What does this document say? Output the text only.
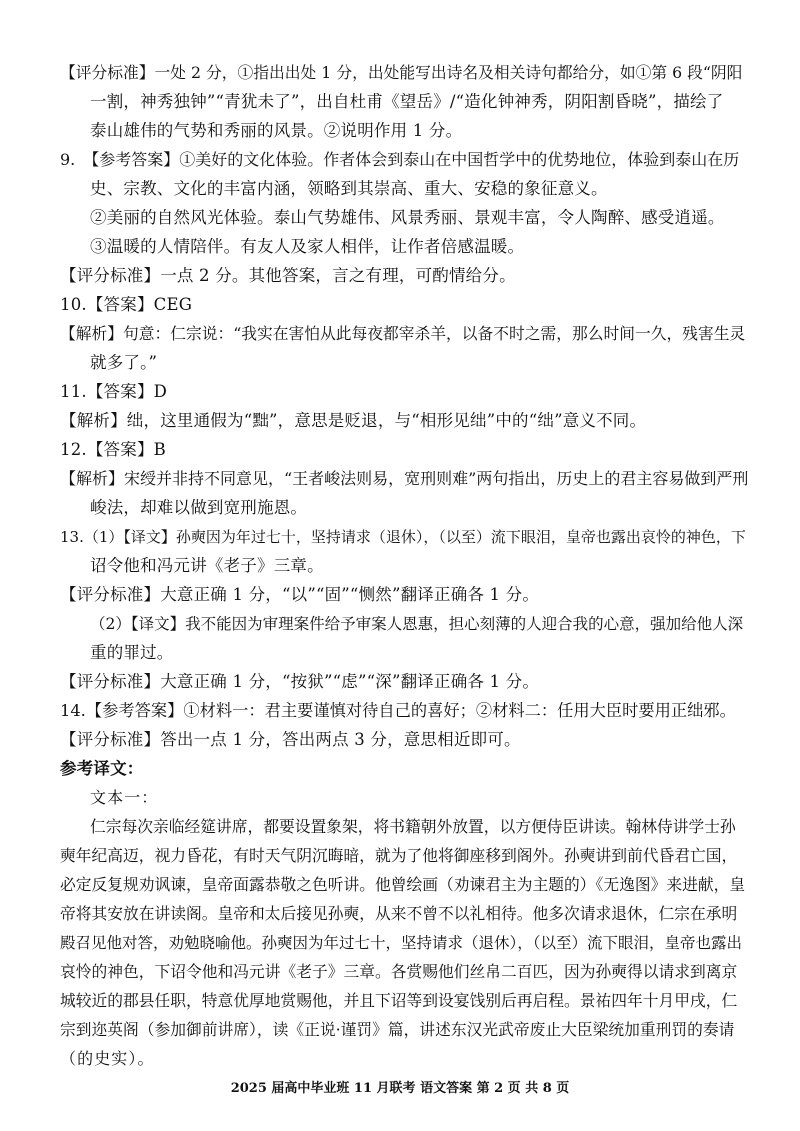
【评分标准】一处 2 分，①指出出处 1 分，出处能写出诗名及相关诗句都给分，如①第 6 段“阴阳
一割，神秀独钟”“青犹未了”，出自杜甫《望岳》/“造化钟神秀，阴阳割昏晓”，描绘了
泰山雄伟的气势和秀丽的风景。②说明作用 1 分。
9.　【参考答案】①美好的文化体验。作者体会到泰山在中国哲学中的优势地位，体验到泰山在历
史、宗教、文化的丰富内涵，领略到其崇高、重大、安稳的象征意义。
②美丽的自然风光体验。泰山气势雄伟、风景秀丽、景观丰富，令人陶醉、感受逍遥。
③温暖的人情陪伴。有友人及家人相伴，让作者倍感温暖。
【评分标准】一点 2 分。其他答案，言之有理，可酌情给分。
10.【答案】CEG
【解析】句意：仁宗说：“我实在害怕从此每夜都宰杀羊，以备不时之需，那么时间一久，残害生灵
就多了。”
11.【答案】D
【解析】绌，这里通假为“黜”，意思是贬退，与“相形见绌”中的“绌”意义不同。
12.【答案】B
【解析】宋绶并非持不同意见，“王者峻法则易，宽刑则难”两句指出，历史上的君主容易做到严刑
峻法，却难以做到宽刑施恩。
13.（1）【译文】孙奭因为年过七十，坚持请求（退休），（以至）流下眼泪，皇帝也露出哀怜的神色，下
诏令他和冯元讲《老子》三章。
【评分标准】大意正确 1 分，“以”“固”“恻然”翻译正确各 1 分。
（2）【译文】我不能因为审理案件给予审案人恩惠，担心刻薄的人迎合我的心意，强加给他人深
重的罪过。
【评分标准】大意正确 1 分，“按狱”“虑”“深”翻译正确各 1 分。
14.【参考答案】①材料一：君主要谨慎对待自己的喜好；②材料二：任用大臣时要用正绌邪。
【评分标准】答出一点 1 分，答出两点 3 分，意思相近即可。
参考译文：
文本一：
仁宗每次亲临经筵讲席，都要设置象架，将书籍朝外放置，以方便侍臣讲读。翰林侍讲学士孙
奭年纪高迈，视力昏花，有时天气阴沉晦暗，就为了他将御座移到阁外。孙奭讲到前代昏君亡国，
必定反复规劝讽谏，皇帝面露恭敬之色听讲。他曾绘画（劝谏君主为主题的）《无逸图》来进献，皇
帝将其安放在讲读阁。皇帝和太后接见孙奭，从来不曾不以礼相待。他多次请求退休，仁宗在承明
殿召见他对答，劝勉晓喻他。孙奭因为年过七十，坚持请求（退休），（以至）流下眼泪，皇帝也露出
哀怜的神色，下诏令他和冯元讲《老子》三章。各赏赐他们丝帛二百匹，因为孙奭得以请求到离京
城较近的郡县任职，特意优厚地赏赐他，并且下诏等到设宴饯别后再启程。景祐四年十月甲戌，仁
宗到迩英阁（参加御前讲席），读《正说·谨罚》篇，讲述东汉光武帝废止大臣梁统加重刑罚的奏请
（的史实）。
2025 届高中毕业班 11 月联考 语文答案 第 2 页 共 8 页
